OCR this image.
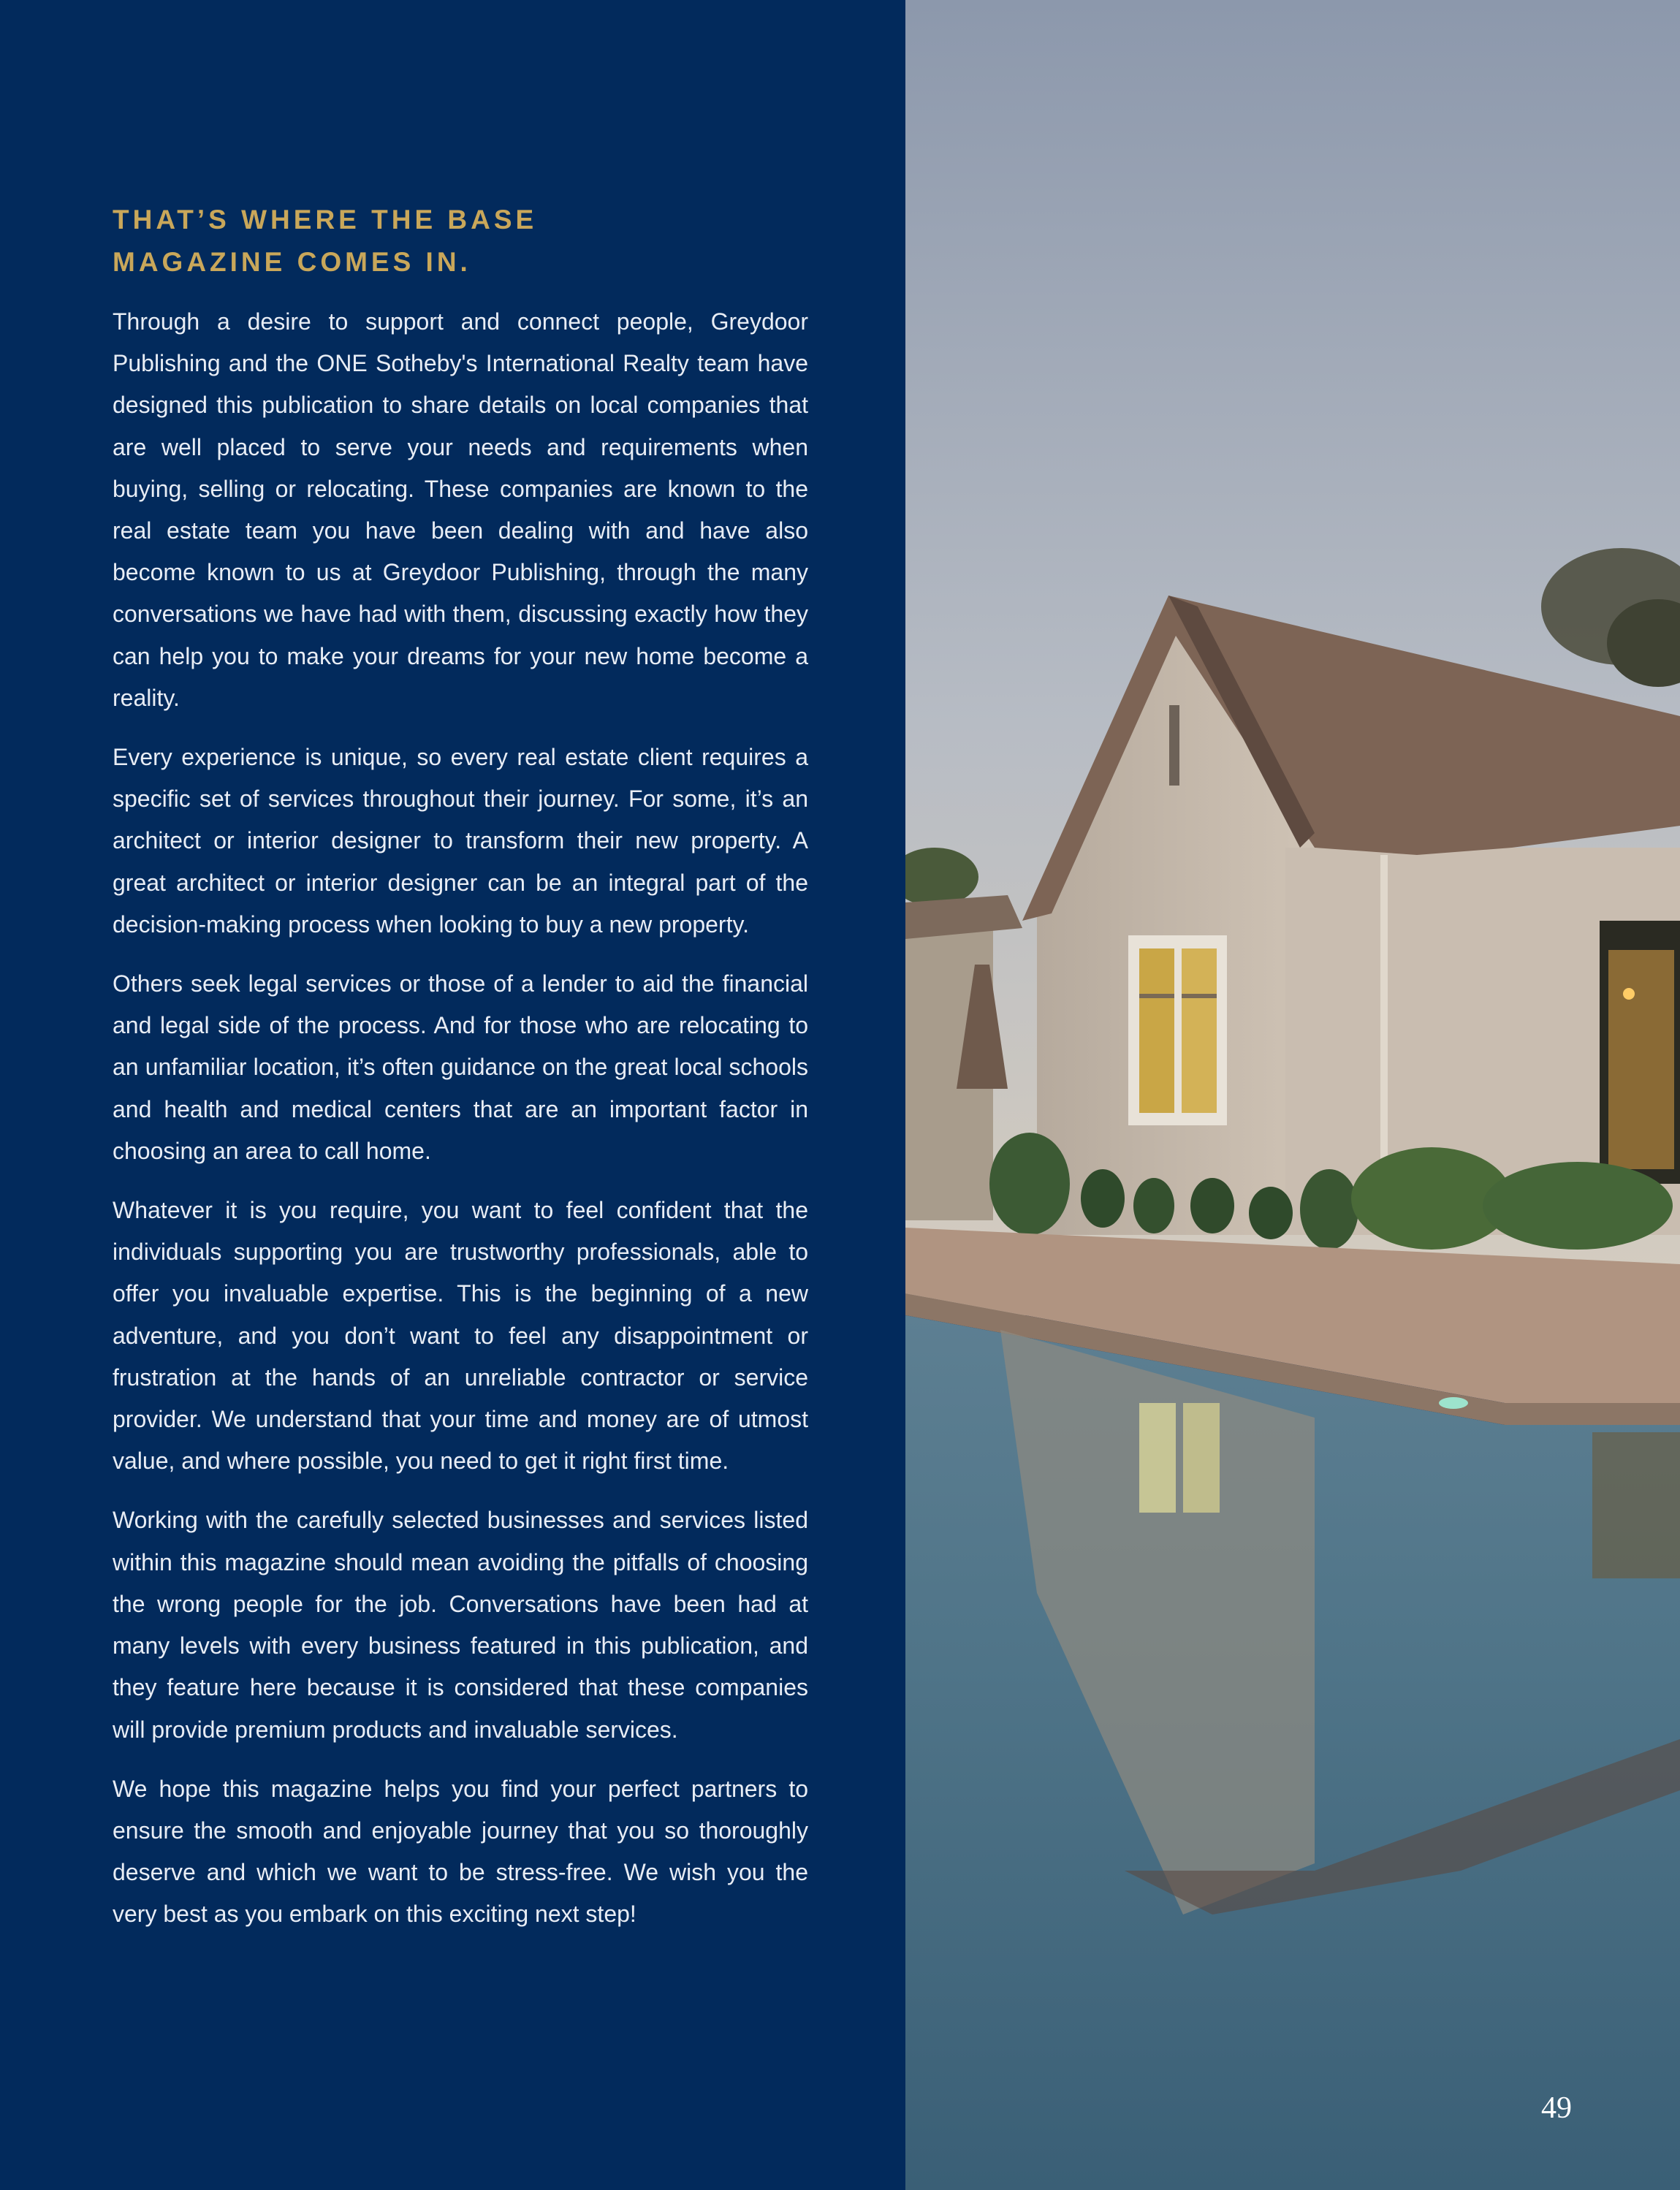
THAT’S WHERE THE BASE
MAGAZINE COMES IN.

Through a desire to support and connect people, Greydoor Publishing and the ONE Sotheby's International Realty team have designed this publication to share details on local companies that are well placed to serve your needs and requirements when buying, selling or relocating. These companies are known to the real estate team you have been dealing with and have also become known to us at Greydoor Publishing, through the many conversations we have had with them, discussing exactly how they can help you to make your dreams for your new home become a reality.

Every experience is unique, so every real estate client requires a specific set of services throughout their journey. For some, it’s an architect or interior designer to transform their new property. A great architect or interior designer can be an integral part of the decision-making process when looking to buy a new property.

Others seek legal services or those of a lender to aid the financial and legal side of the process. And for those who are relocating to an unfamiliar location, it’s often guidance on the great local schools and health and medical centers that are an important factor in choosing an area to call home.

Whatever it is you require, you want to feel confident that the individuals supporting you are trustworthy professionals, able to offer you invaluable expertise. This is the beginning of a new adventure, and you don’t want to feel any disappointment or frustration at the hands of an unreliable contractor or service provider. We understand that your time and money are of utmost value, and where possible, you need to get it right first time.

Working with the carefully selected businesses and services listed within this magazine should mean avoiding the pitfalls of choosing the wrong people for the job. Conversations have been had at many levels with every business featured in this publication, and they feature here because it is considered that these companies will provide premium products and invaluable services.

We hope this magazine helps you find your perfect partners to ensure the smooth and enjoyable journey that you so thoroughly deserve and which we want to be stress-free. We wish you the very best as you embark on this exciting next step!

49
